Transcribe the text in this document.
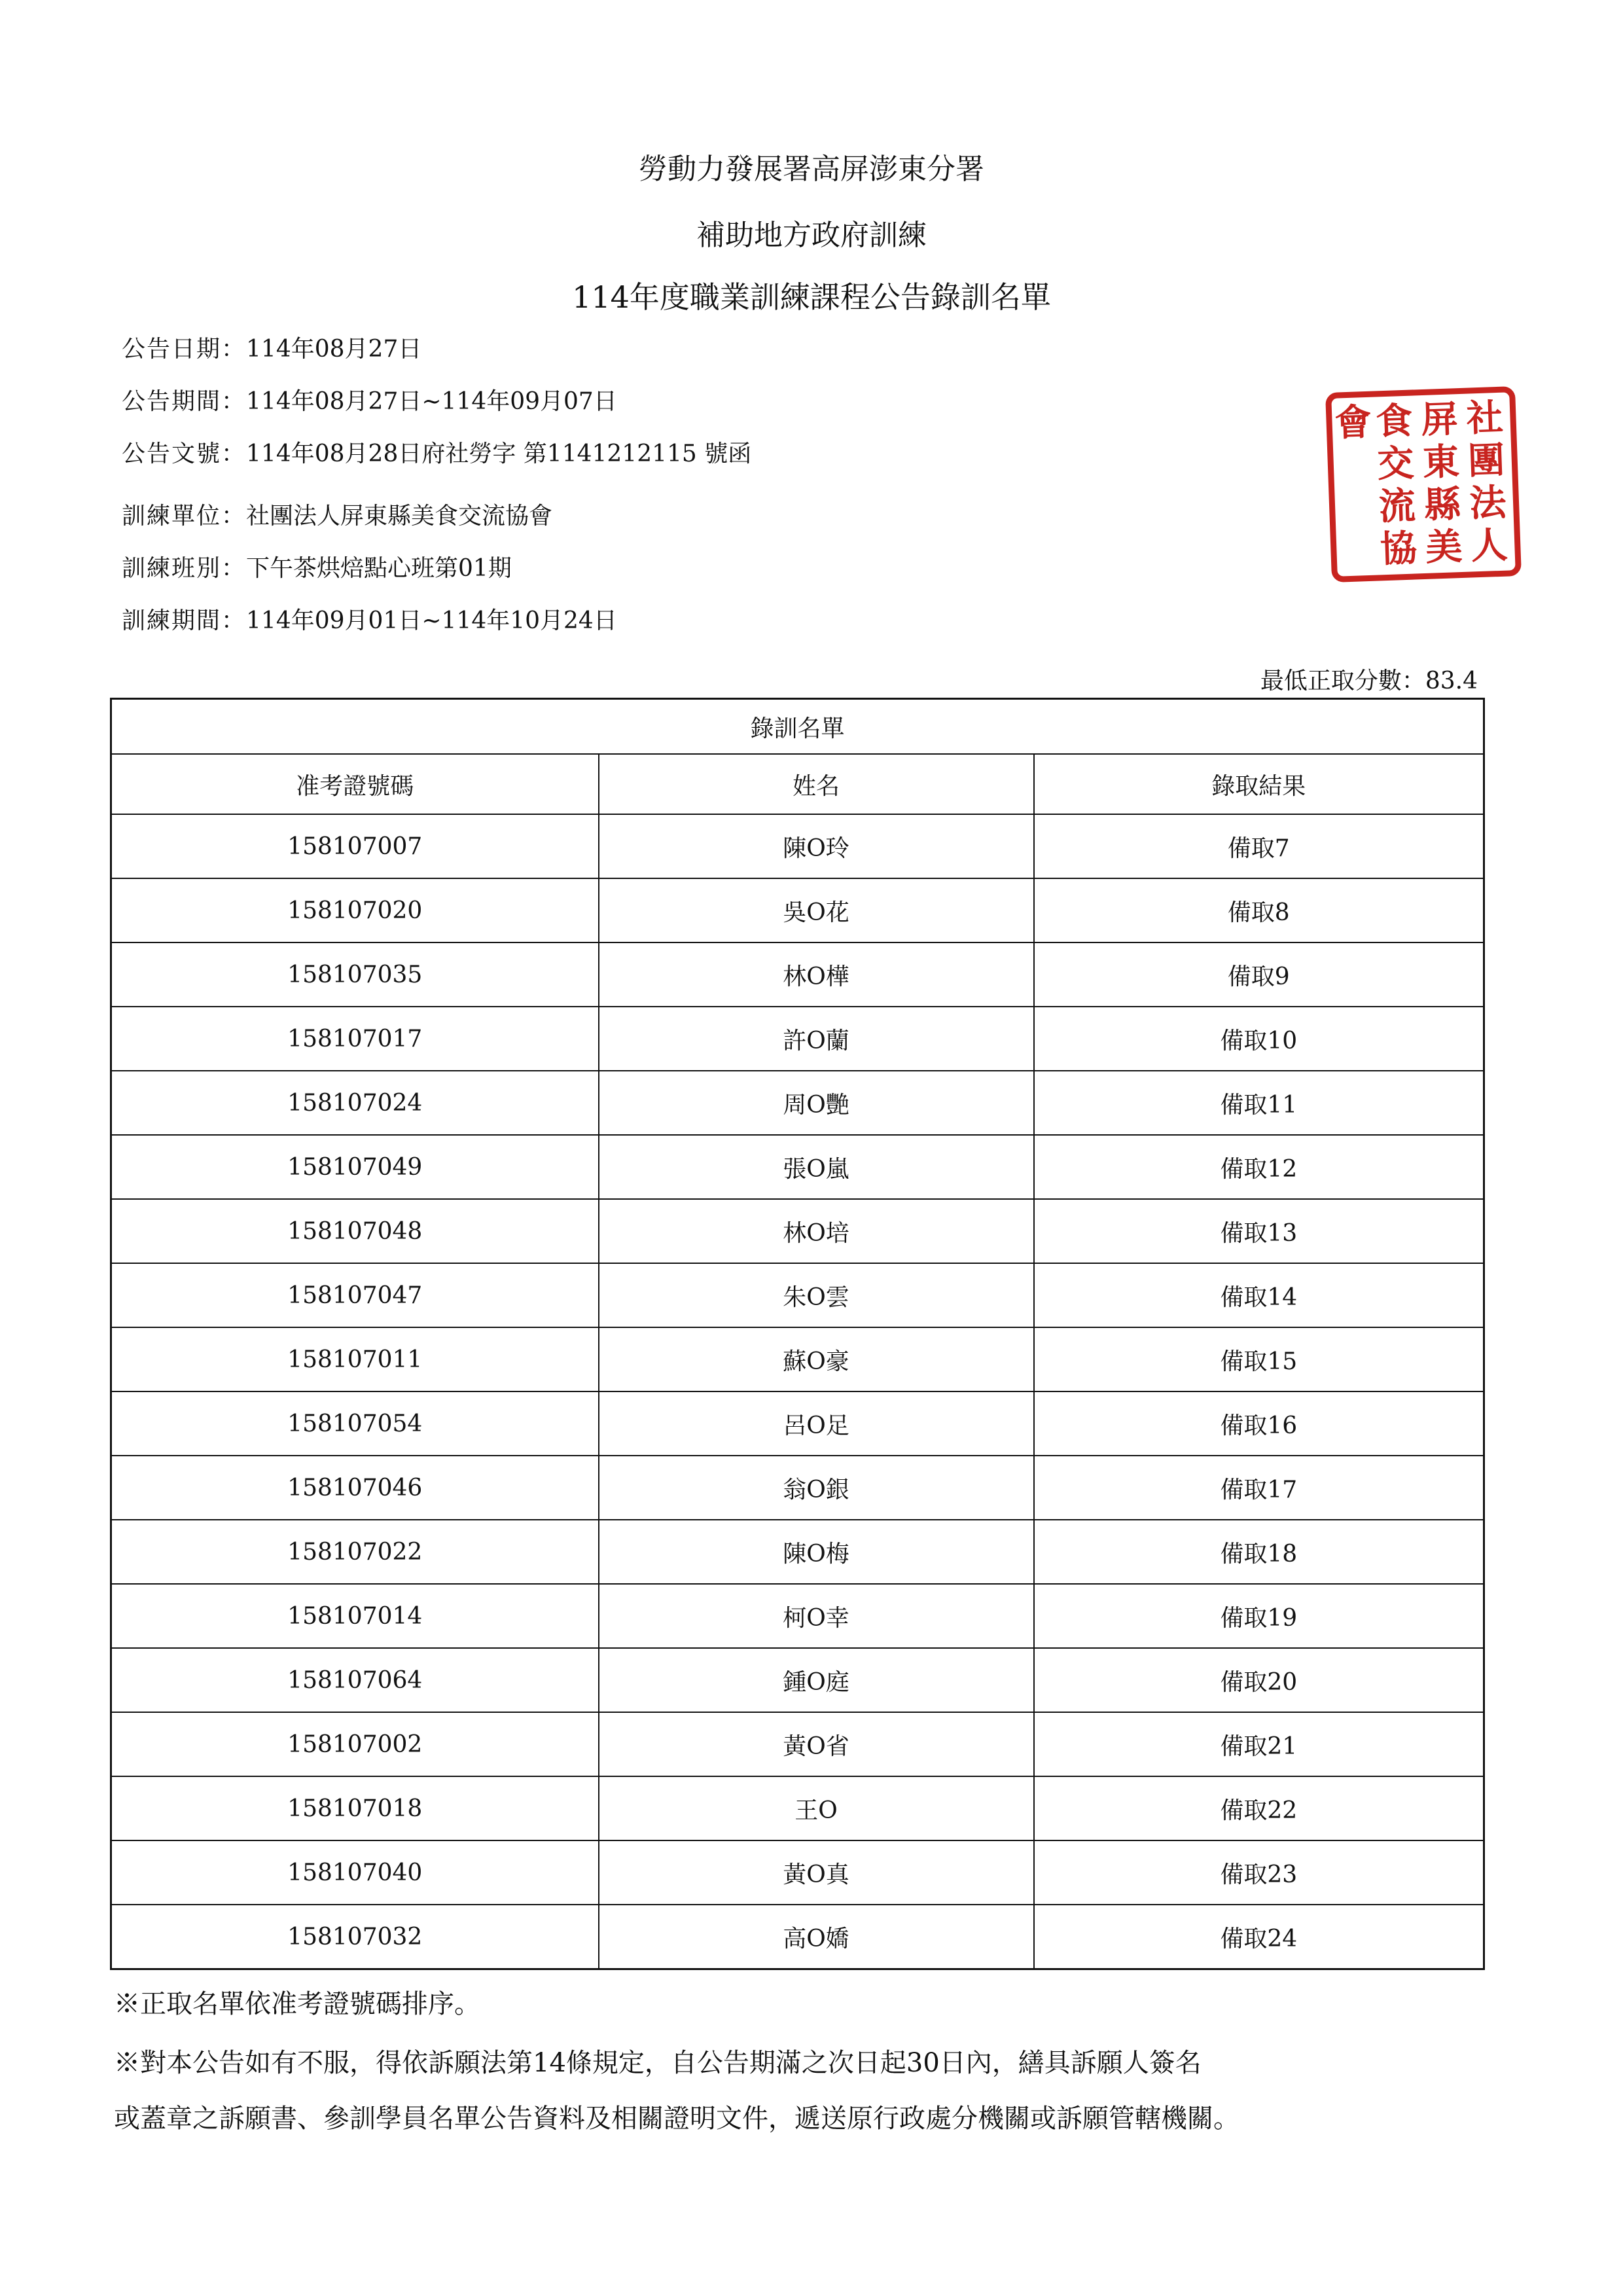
勞動力發展署高屏澎東分署
補助地方政府訓練
114年度職業訓練課程公告錄訓名單
公告日期：114年08月27日
公告期間：114年08月27日~114年09月07日
公告文號：114年08月28日府社勞字 第1141212115 號函
訓練單位：社團法人屏東縣美食交流協會
訓練班別：下午茶烘焙點心班第01期
訓練期間：114年09月01日~114年10月24日
社
團
法
人
屏
東
縣
美
食
交
流
協
會
最低正取分數：83.4
錄訓名單		
准考證號碼	姓名	錄取結果
158107007	陳O玲	備取7
158107020	吳O花	備取8
158107035	林O樺	備取9
158107017	許O蘭	備取10
158107024	周O艷	備取11
158107049	張O嵐	備取12
158107048	林O培	備取13
158107047	朱O雲	備取14
158107011	蘇O豪	備取15
158107054	呂O足	備取16
158107046	翁O銀	備取17
158107022	陳O梅	備取18
158107014	柯O幸	備取19
158107064	鍾O庭	備取20
158107002	黃O省	備取21
158107018	王O	備取22
158107040	黃O真	備取23
158107032	高O嬌	備取24
※正取名單依准考證號碼排序。
※對本公告如有不服，得依訴願法第14條規定，自公告期滿之次日起30日內，繕具訴願人簽名
或蓋章之訴願書、參訓學員名單公告資料及相關證明文件，遞送原行政處分機關或訴願管轄機關。
